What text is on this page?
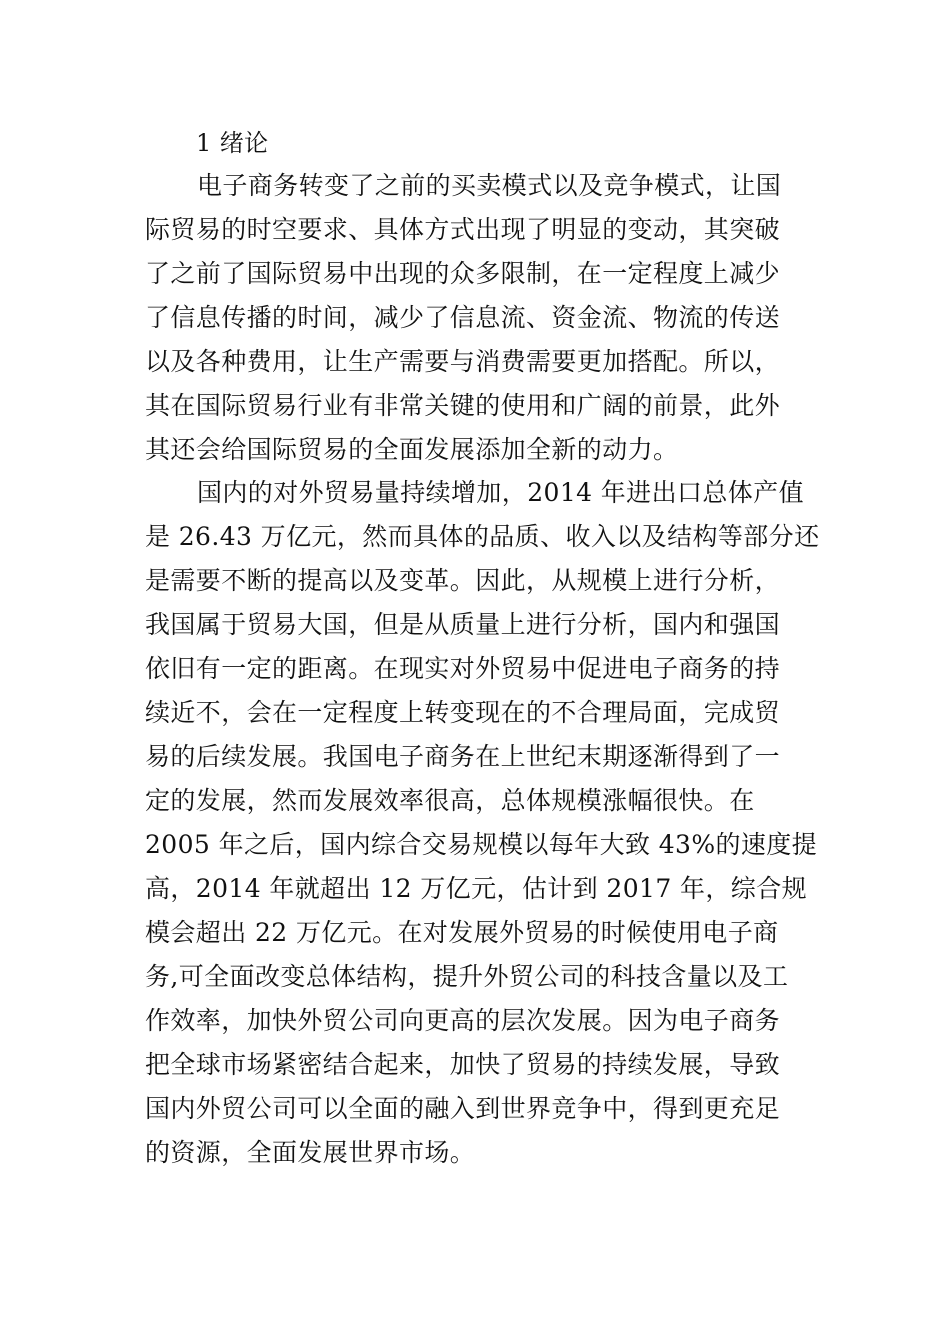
1 绪论
电子商务转变了之前的买卖模式以及竞争模式，让国
际贸易的时空要求、具体方式出现了明显的变动，其突破
了之前了国际贸易中出现的众多限制，在一定程度上减少
了信息传播的时间，减少了信息流、资金流、物流的传送
以及各种费用，让生产需要与消费需要更加搭配。所以，
其在国际贸易行业有非常关键的使用和广阔的前景，此外
其还会给国际贸易的全面发展添加全新的动力。
国内的对外贸易量持续增加，2014 年进出口总体产值
是 26.43 万亿元，然而具体的品质、收入以及结构等部分还
是需要不断的提高以及变革。因此，从规模上进行分析，
我国属于贸易大国，但是从质量上进行分析，国内和强国
依旧有一定的距离。在现实对外贸易中促进电子商务的持
续近不，会在一定程度上转变现在的不合理局面，完成贸
易的后续发展。我国电子商务在上世纪末期逐渐得到了一
定的发展，然而发展效率很高，总体规模涨幅很快。在
2005 年之后，国内综合交易规模以每年大致 43%的速度提
高，2014 年就超出 12 万亿元，估计到 2017 年，综合规
模会超出 22 万亿元。在对发展外贸易的时候使用电子商
务,可全面改变总体结构，提升外贸公司的科技含量以及工
作效率，加快外贸公司向更高的层次发展。因为电子商务
把全球市场紧密结合起来，加快了贸易的持续发展，导致
国内外贸公司可以全面的融入到世界竞争中，得到更充足
的资源，全面发展世界市场。
